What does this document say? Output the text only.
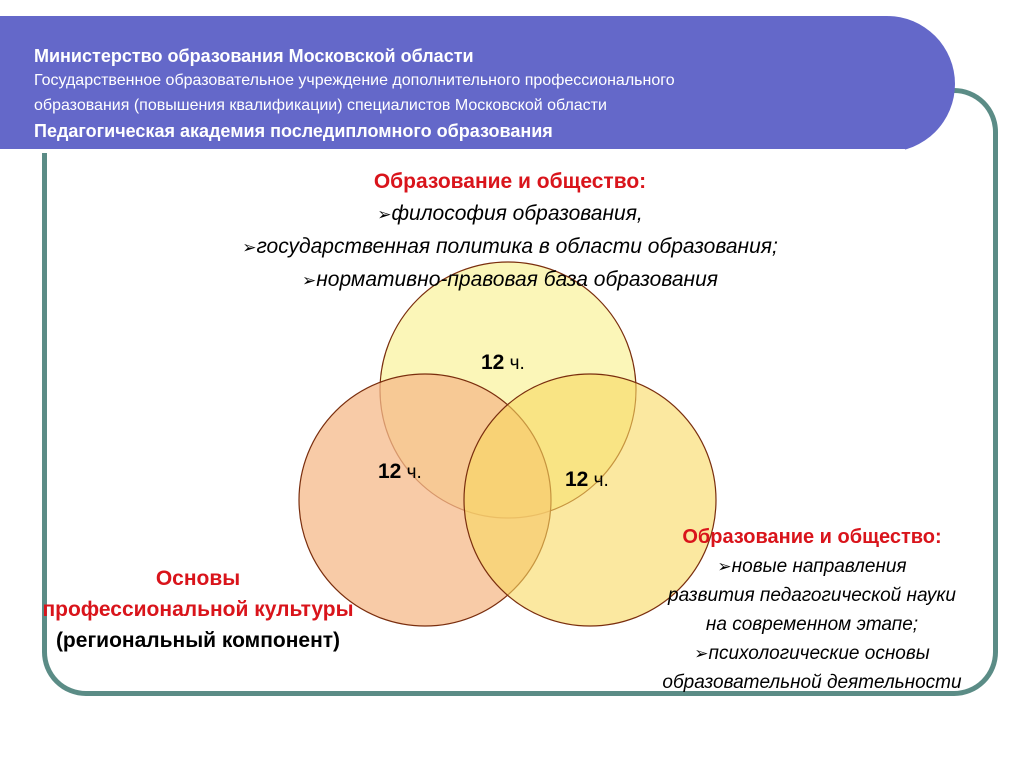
Министерство образования Московской области
Государственное образовательное учреждение дополнительного профессионального
образования (повышения квалификации) специалистов Московской области
Педагогическая академия последипломного образования
Образование и общество:
➢философия образования,
➢государственная политика в области образования;
➢нормативно-правовая база образования
12 ч.
12 ч.	12 ч.
Основы
профессиональной культуры
(региональный компонент)
Образование и общество:
➢новые направления
развития педагогической науки
на современном этапе;
➢психологические основы
образовательной деятельности
